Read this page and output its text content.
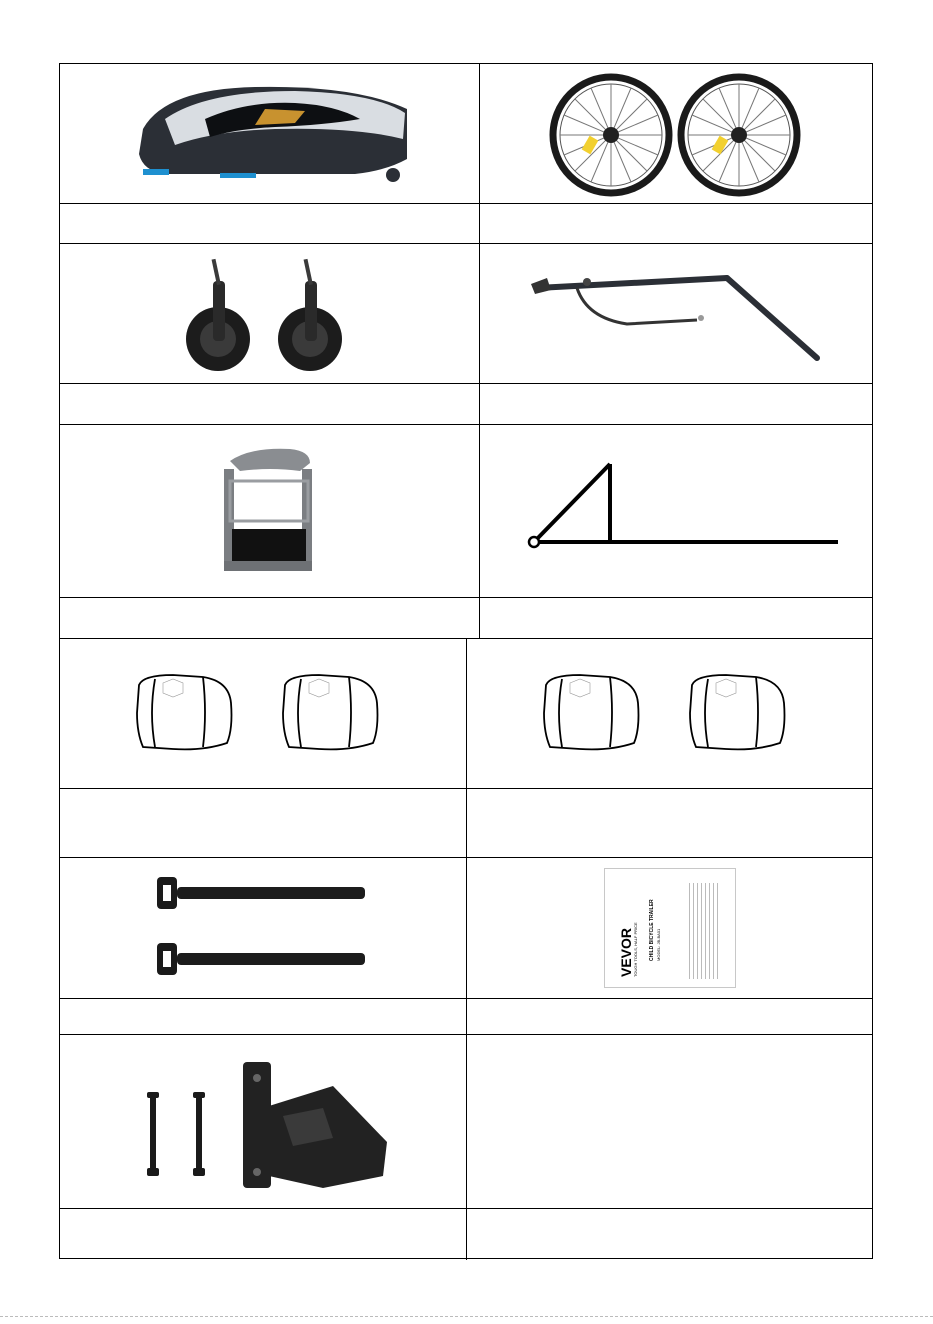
VEVOR TOUGH TOOLS, HALF PRICE CHILD BICYCLE TRAILER MODEL: JB-BA01
